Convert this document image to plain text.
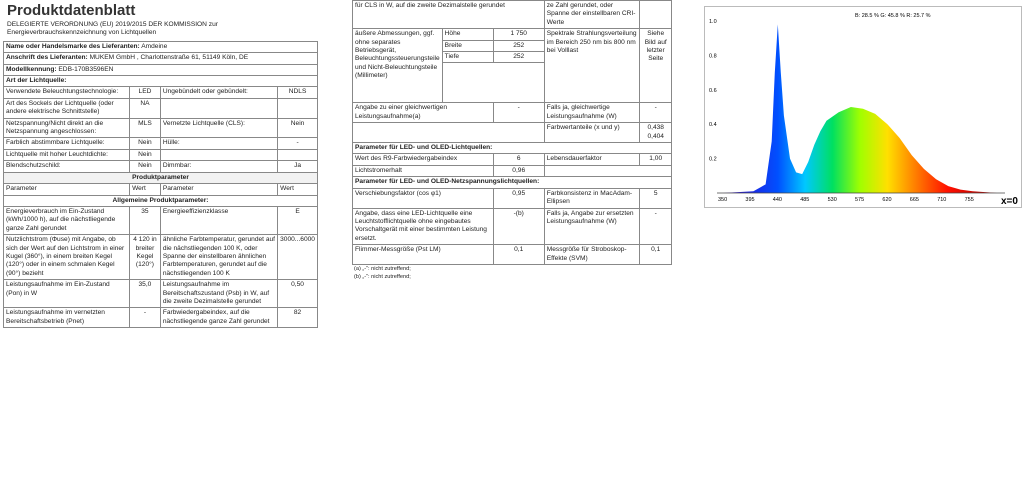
Produktdatenblatt
DELEGIERTE VERORDNUNG (EU) 2019/2015 DER KOMMISSION zur Energieverbrauchskennzeichnung von Lichtquellen
Name oder Handelsmarke des Lieferanten: Amdeine			
Anschrift des Lieferanten: MUKEM GmbH , Charlottenstraße 61, 51149 Köln, DE			
Modellkennung: EDB-170B3596EN			
Art der Lichtquelle:			
Verwendete Beleuchtungstechnologie:	LED	Ungebündelt oder gebündelt:	NDLS
Art des Sockels der Lichtquelle (oder andere elektrische Schnittstelle)	NA		
Netzspannung/Nicht direkt an die Netzspannung angeschlossen:	MLS	Vernetzte Lichtquelle (CLS):	Nein
Farblich abstimmbare Lichtquelle:	Nein	Hülle:	-
Lichtquelle mit hoher Leuchtdichte:	Nein		
Blendschutzschild:	Nein	Dimmbar:	Ja
Produktparameter			
Parameter	Wert	Parameter	Wert
Allgemeine Produktparameter:			
Energieverbrauch im Ein-Zustand (kWh/1000 h), auf die nächstliegende ganze Zahl gerundet	35	Energieeffizienzklasse	E
Nutzlichtstrom (Φuse) mit Angabe, ob sich der Wert auf den Lichtstrom in einer Kugel (360°), in einem breiten Kegel (120°) oder in einem schmalen Kegel (90°) bezieht	4 120 in breiter Kegel (120°)	ähnliche Farbtemperatur, gerundet auf die nächstliegenden 100 K, oder Spanne der einstellbaren ähnlichen Farbtemperaturen, gerundet auf die nächstliegenden 100 K	3000...6000
Leistungsaufnahme im Ein-Zustand (Pon) in W	35,0	Leistungsaufnahme im Bereitschaftszustand (Psb) in W, auf die zweite Dezimalstelle gerundet	0,50
Leistungsaufnahme im vernetzten Bereitschaftsbetrieb (Pnet)	-	Farbwiedergabeindex, auf die nächstliegende ganze Zahl gerundet	82
für CLS in W, auf die zweite Dezimalstelle gerundet			ze Zahl gerundet, oder Spanne der einstellbaren CRI-Werte	
äußere Abmessungen, ggf. ohne separates Betriebsgerät, Beleuchtungssteuerungsteile und Nicht-Beleuchtungsteile (Millimeter)	Höhe	1 750	Spektrale Strahlungsverteilung im Bereich 250 nm bis 800 nm bei Volllast	Siehe Bild auf letzter Seite
	Breite	252		
	Tiefe	252		

Angabe zu einer gleichwertigen Leistungsaufnahme(a)		-	Falls ja, gleichwertige Leistungsaufnahme (W)	-
			Farbwertanteile (x und y)	0,438
0,404

Parameter für LED- und OLED-Lichtquellen:				
Wert des R9-Farbwiedergabeindex		6	Lebensdauerfaktor	1,00
Lichtstromerhalt		0,96		
Parameter für LED- und OLED-Netzspannungslichtquellen:				
Verschiebungsfaktor (cos φ1)		0,95	Farbkonsistenz in MacAdam-Ellipsen	5
Angabe, dass eine LED-Lichtquelle eine Leuchtstofflichtquelle ohne eingebautes Vorschaltgerät mit einer bestimmten Leistung ersetzt.		-(b)	Falls ja, Angabe zur ersetzten Leistungsaufnahme (W)	-
Flimmer-Messgröße (Pst LM)		0,1	Messgröße für Stroboskop-Effekte (SVM)	0,1
(a) „-“: nicht zutreffend;
(b) „-“: nicht zutreffend;
B: 28.5 % G: 45.8 % R: 25.7 %
1.0
0.8
0.6
0.4
0.2
350	395	440	485	530	575	620	665	710	755	x=0
